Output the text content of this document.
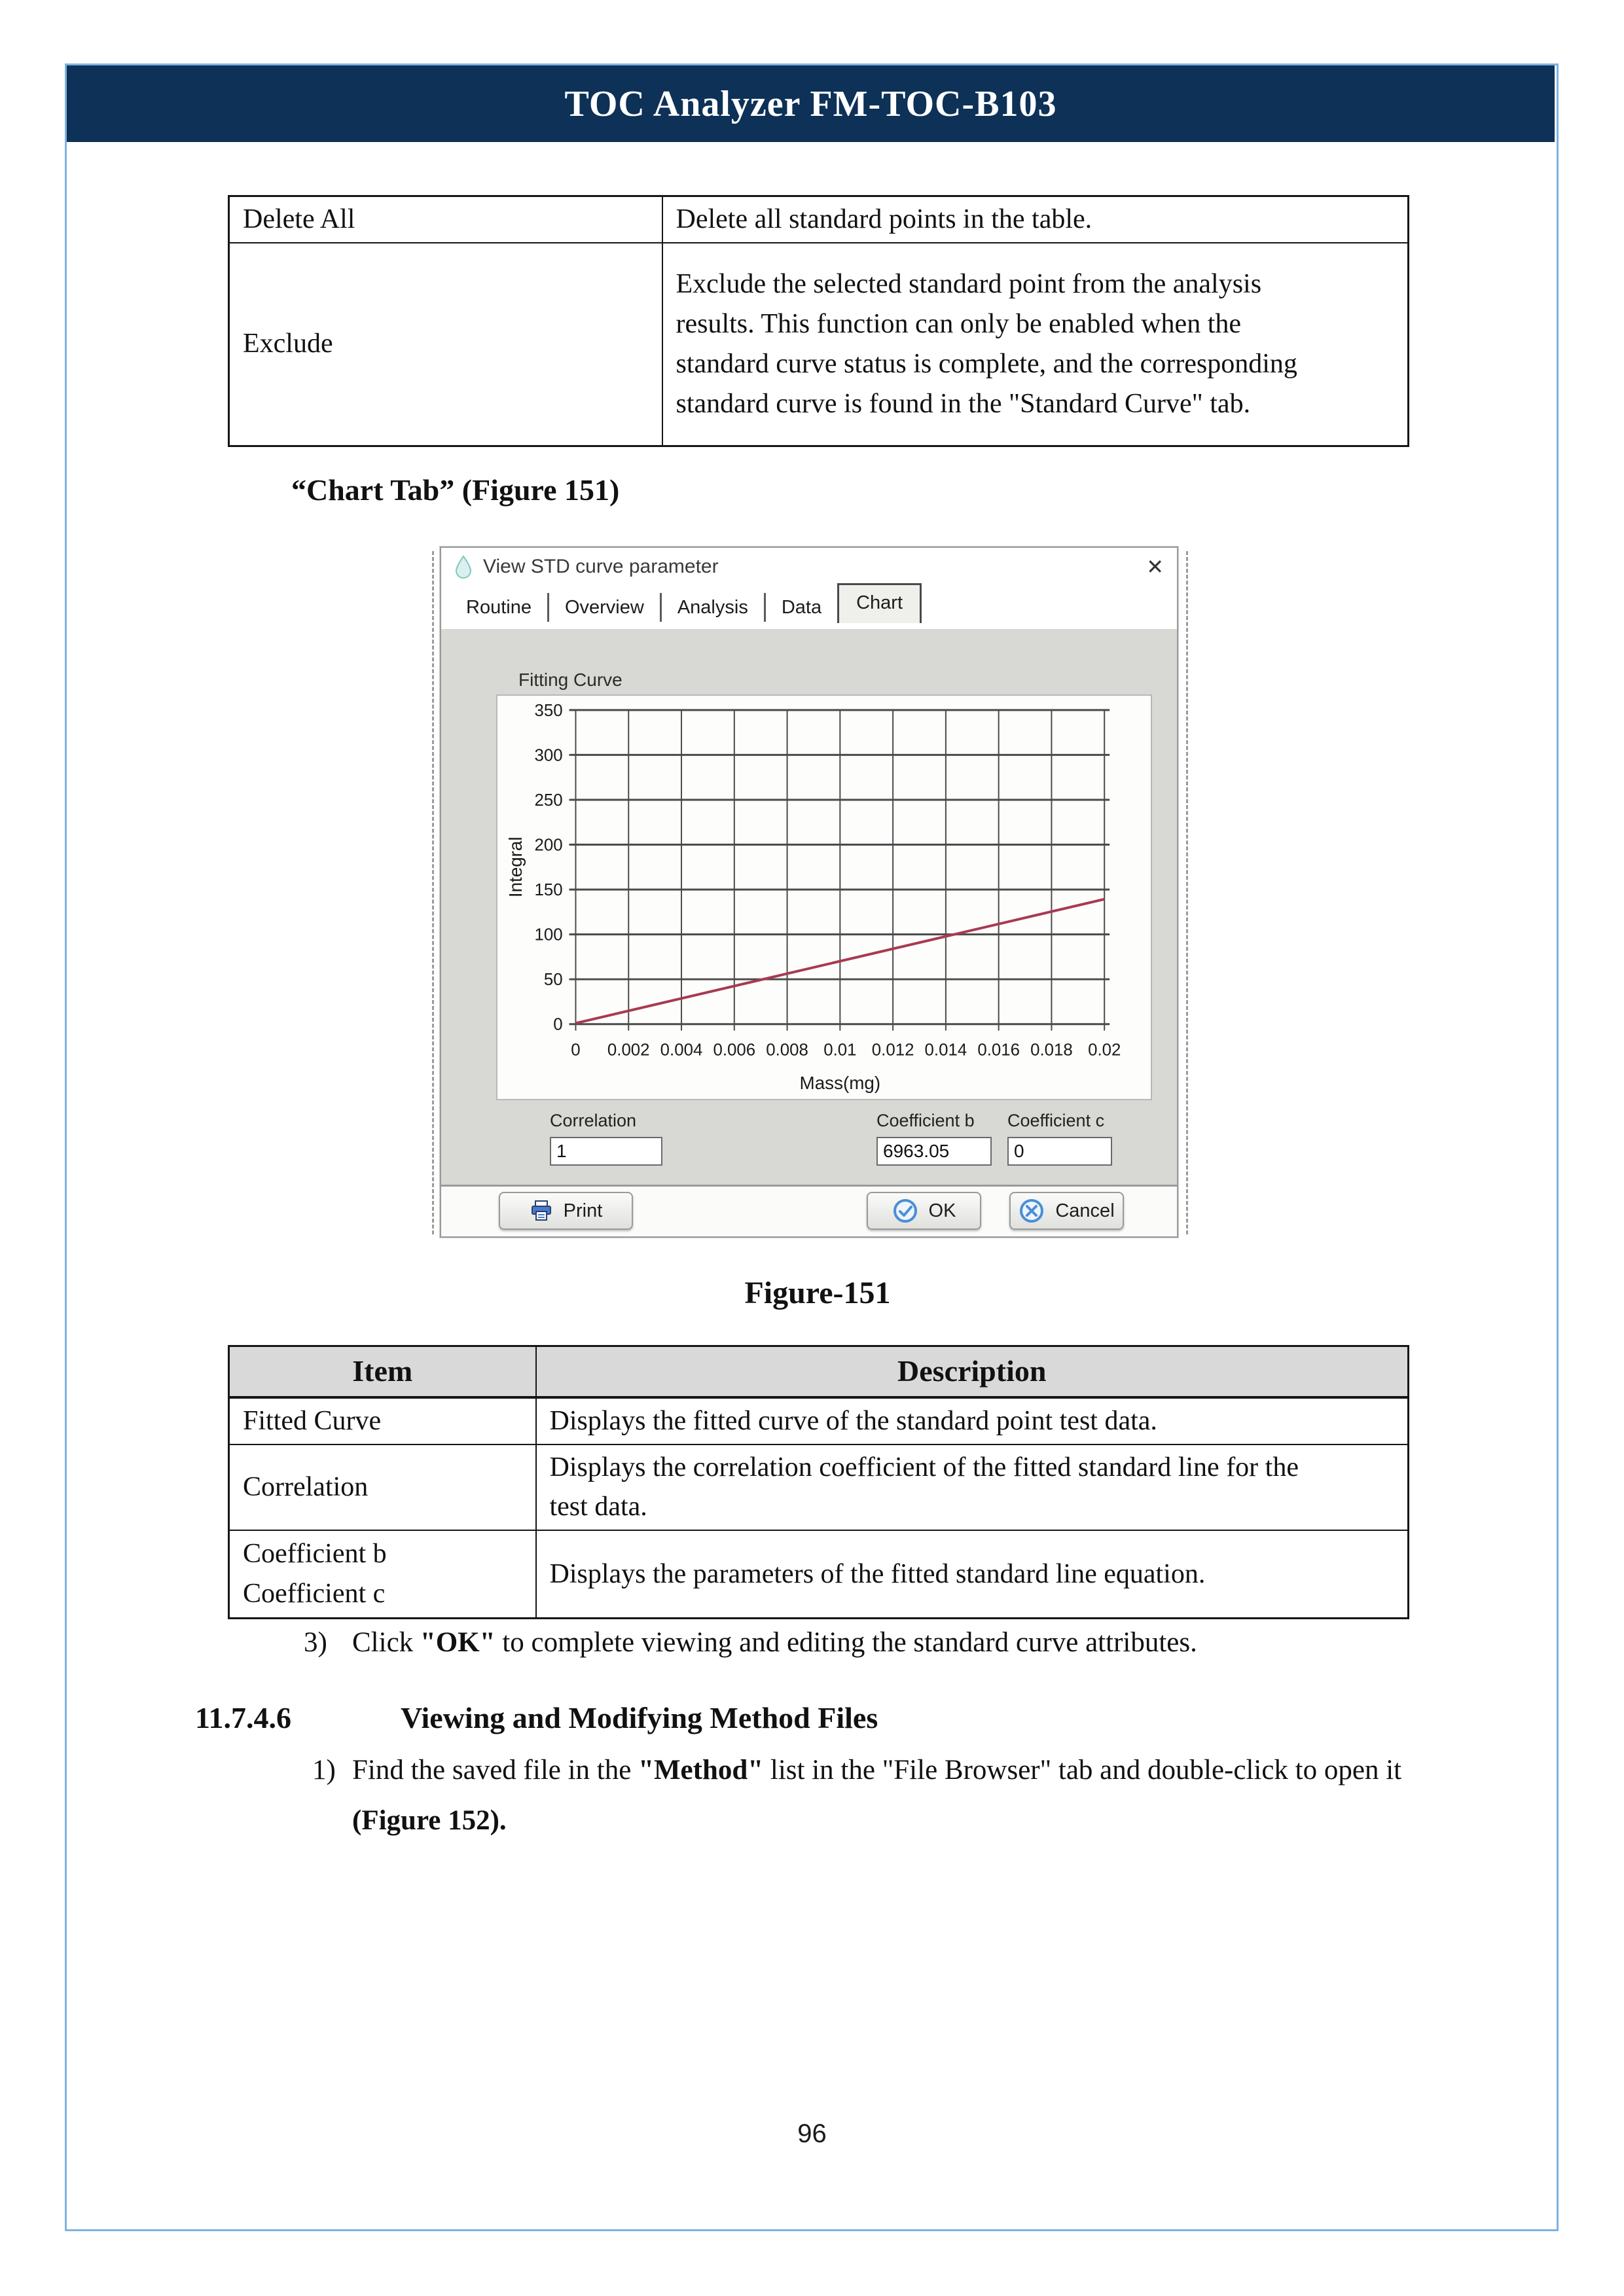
TOC Analyzer FM-TOC-B103
Delete All	Delete all standard points in the table.
Exclude	Exclude the selected standard point from the analysis results. This function can only be enabled when the standard curve status is complete, and the corresponding standard curve is found in the "Standard Curve" tab.
“Chart Tab” (Figure 151)
View STD curve parameter	✕
Routine	Overview	Analysis	Data	Chart
Fitting Curve
0 0.002 0.004 0.006 0.008 0.01 0.012 0.014 0.016 0.018 0.02
0
50
100
150
200
250
300
350
Mass(mg)
Integral
Correlation
1	Coefficient b
6963.05 Coefficient c
0
Print	OK	Cancel
Figure-151
Item	Description
Fitted Curve	Displays the fitted curve of the standard point test data.
Correlation	Displays the correlation coefficient of the fitted standard line for the test data.

Coefficient b
Coefficient c	Displays the parameters of the fitted standard line equation.
3) Click "OK" to complete viewing and editing the standard curve attributes.
11.7.4.6	Viewing and Modifying Method Files
1) Find the saved file in the "Method" list in the "File Browser" tab and double-click to open it (Figure 152).
96
